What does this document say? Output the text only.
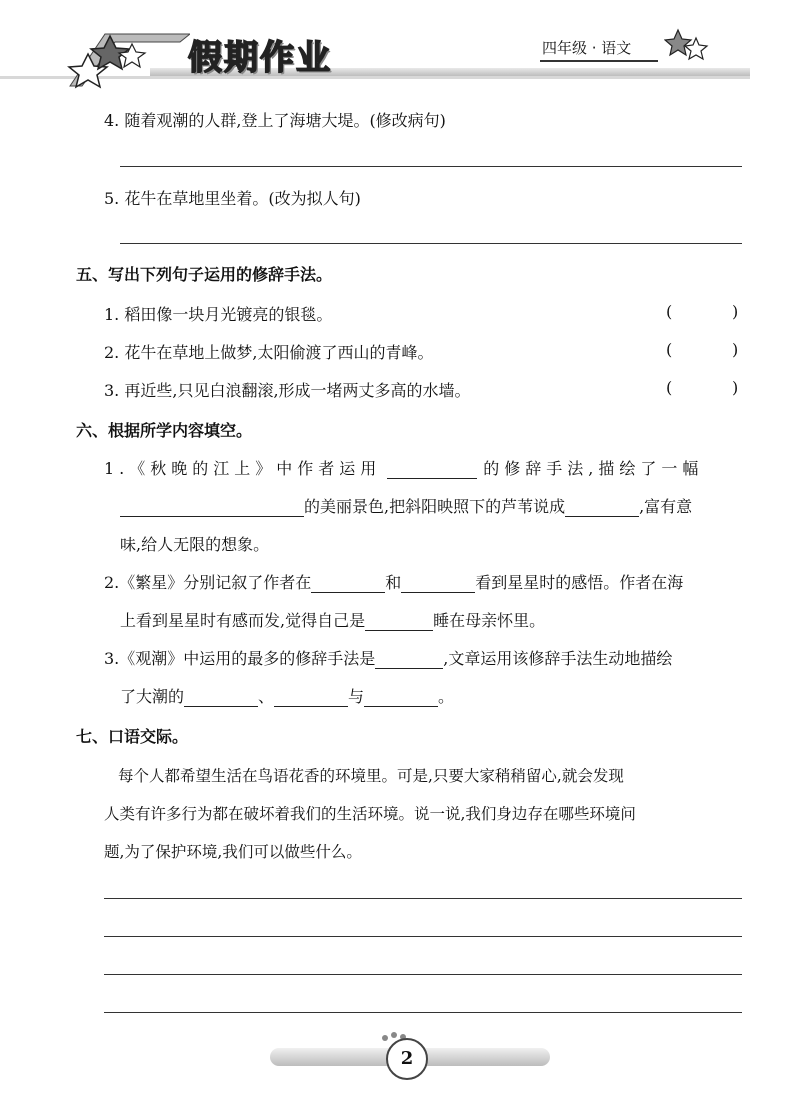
假期作业	四年级 · 语文
4. 随着观潮的人群,登上了海塘大堤。(修改病句)
5. 花牛在草地里坐着。(改为拟人句)
五、写出下列句子运用的修辞手法。
1. 稻田像一块月光镀亮的银毯。	(	)
2. 花牛在草地上做梦,太阳偷渡了西山的青峰。	(	)
3. 再近些,只见白浪翻滚,形成一堵两丈多高的水墙。	(	)
六、根据所学内容填空。
1.《秋晚的江上》中作者运用	的修辞手法,描绘了一幅
的美丽景色,把斜阳映照下的芦苇说成	,富有意
味,给人无限的想象。
2.《繁星》分别记叙了作者在	和	看到星星时的感悟。作者在海
上看到星星时有感而发,觉得自己是	睡在母亲怀里。
3.《观潮》中运用的最多的修辞手法是	,文章运用该修辞手法生动地描绘
了大潮的	、	与	。
七、口语交际。
每个人都希望生活在鸟语花香的环境里。可是,只要大家稍稍留心,就会发现
人类有许多行为都在破坏着我们的生活环境。说一说,我们身边存在哪些环境问
题,为了保护环境,我们可以做些什么。
2
